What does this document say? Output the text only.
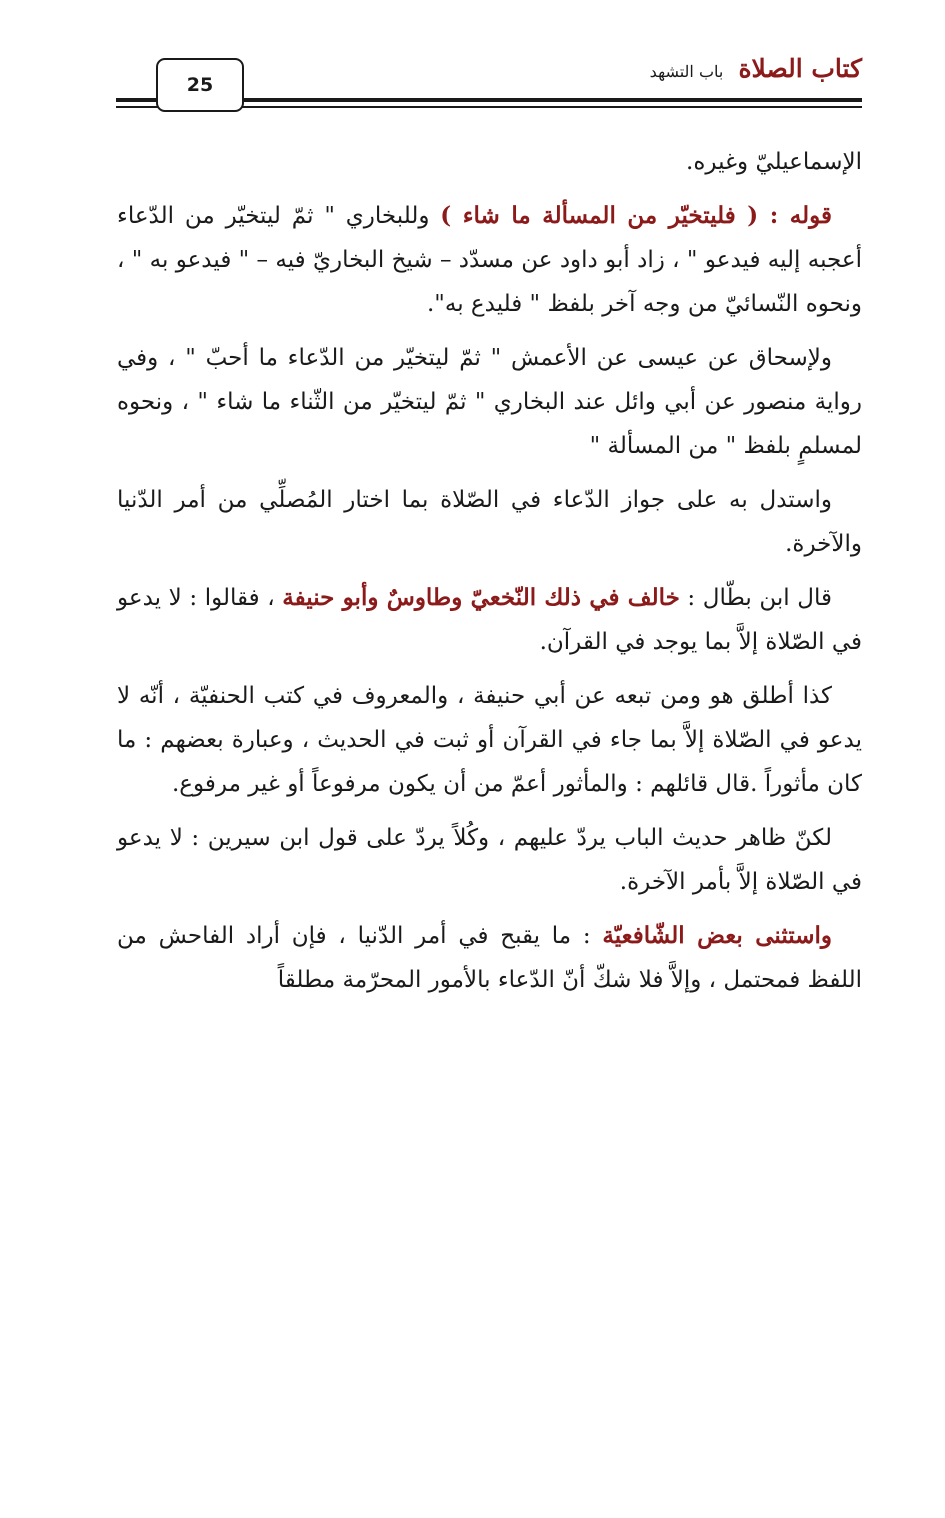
25
كتاب الصلاة باب التشهد

الإسماعيليّ وغيره.

قوله : ( فليتخيّر من المسألة ما شاء ) وللبخاري " ثمّ ليتخيّر من الدّعاء أعجبه إليه فيدعو " ، زاد أبو داود عن مسدّد – شيخ البخاريّ فيه – " فيدعو به " ، ونحوه النّسائيّ من وجه آخر بلفظ " فليدع به".

ولإسحاق عن عيسى عن الأعمش " ثمّ ليتخيّر من الدّعاء ما أحبّ " ، وفي رواية منصور عن أبي وائل عند البخاري " ثمّ ليتخيّر من الثّناء ما شاء " ، ونحوه لمسلمٍ بلفظ " من المسألة "

واستدل به على جواز الدّعاء في الصّلاة بما اختار المُصلِّي من أمر الدّنيا والآخرة.

قال ابن بطّال : خالف في ذلك النّخعيّ وطاوسٌ وأبو حنيفة ، فقالوا : لا يدعو في الصّلاة إلاَّ بما يوجد في القرآن.

كذا أطلق هو ومن تبعه عن أبي حنيفة ، والمعروف في كتب الحنفيّة ، أنّه لا يدعو في الصّلاة إلاَّ بما جاء في القرآن أو ثبت في الحديث ، وعبارة بعضهم : ما كان مأثوراً .قال قائلهم : والمأثور أعمّ من أن يكون مرفوعاً أو غير مرفوع.

لكنّ ظاهر حديث الباب يردّ عليهم ، وكُلاً يردّ على قول ابن سيرين : لا يدعو في الصّلاة إلاَّ بأمر الآخرة.

واستثنى بعض الشّافعيّة : ما يقبح في أمر الدّنيا ، فإن أراد الفاحش من اللفظ فمحتمل ، وإلاَّ فلا شكّ أنّ الدّعاء بالأمور المحرّمة مطلقاً
